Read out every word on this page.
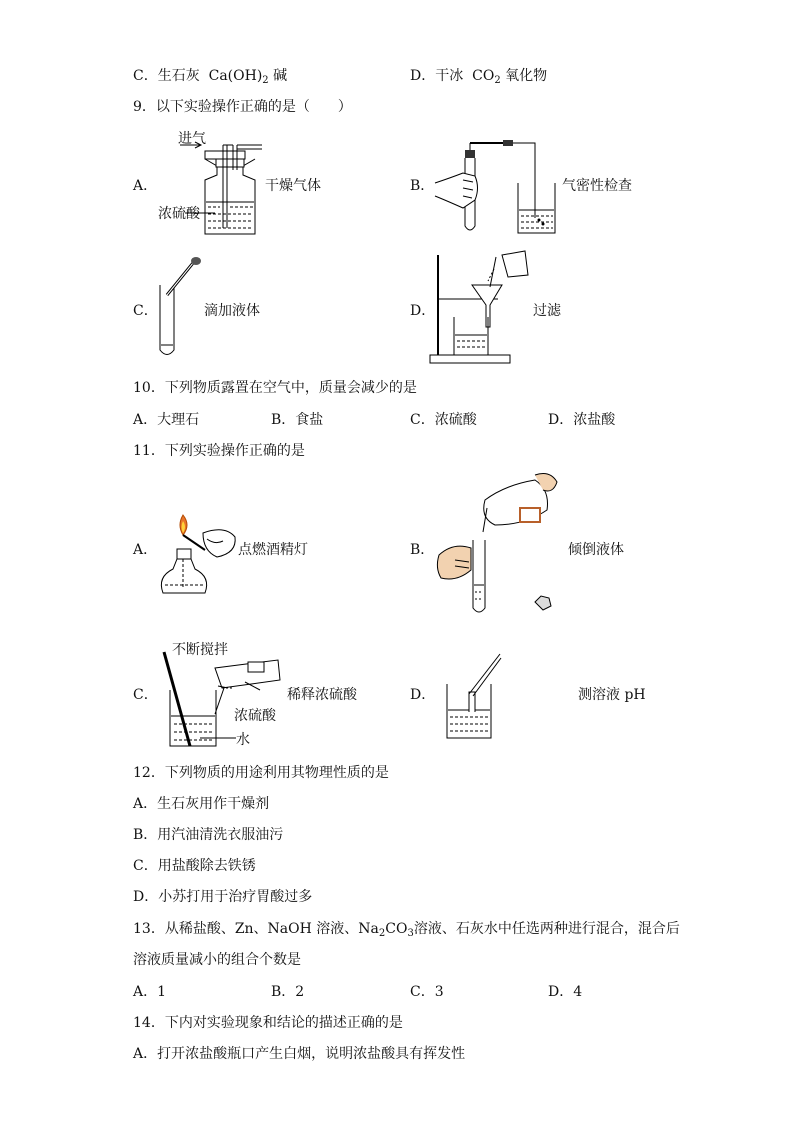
C．生石灰 $Ca(OH)_2$ 碱	D．干冰 $CO_2$ 氧化物
9．以下实验操作正确的是（　　）
A．
进气
干燥气体
浓硫酸
B．	气密性检查
C．	滴加液体	D．	过滤
10．下列物质露置在空气中，质量会减少的是
A．大理石	B．食盐	C．浓硫酸	D．浓盐酸
11．下列实验操作正确的是
A．	点燃酒精灯	B．	倾倒液体
C．
不断搅拌
稀释浓硫酸
浓硫酸
水
D．	测溶液 pH
12．下列物质的用途利用其物理性质的是
A．生石灰用作干燥剂
B．用汽油清洗衣服油污
C．用盐酸除去铁锈
D．小苏打用于治疗胃酸过多
13．从稀盐酸、Zn、NaOH 溶液、$Na_2CO_3$溶液、石灰水中任选两种进行混合，混合后
溶液质量减小的组合个数是
A．1	B．2	C．3	D．4
14．下内对实验现象和结论的描述正确的是
A．打开浓盐酸瓶口产生白烟，说明浓盐酸具有挥发性
